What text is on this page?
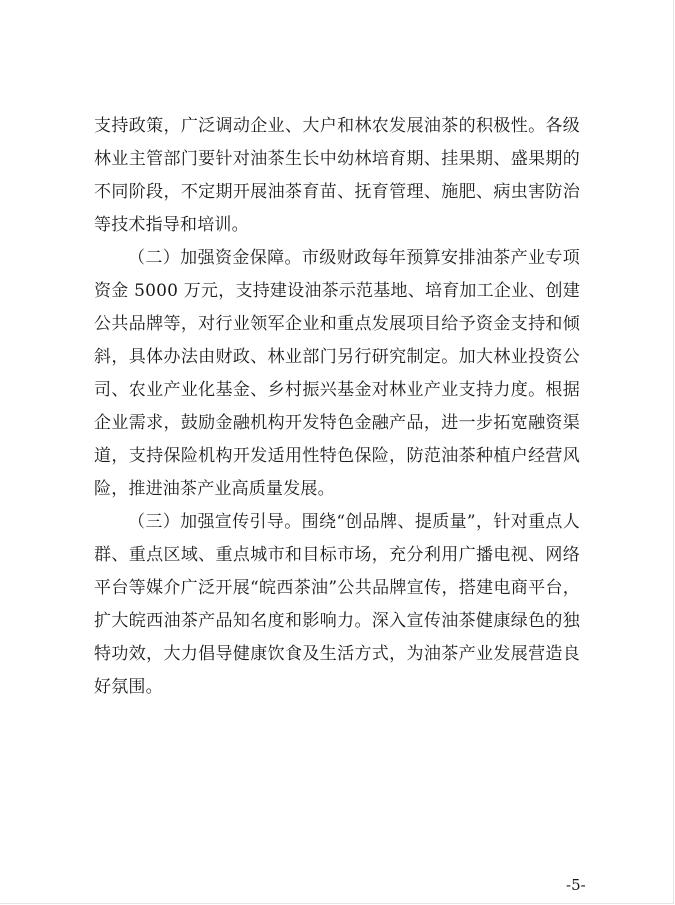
支持政策，广泛调动企业、大户和林农发展油茶的积极性。各级
林业主管部门要针对油茶生长中幼林培育期、挂果期、盛果期的
不同阶段，不定期开展油茶育苗、抚育管理、施肥、病虫害防治
等技术指导和培训。
（二）加强资金保障。市级财政每年预算安排油茶产业专项
资金 5000 万元，支持建设油茶示范基地、培育加工企业、创建
公共品牌等，对行业领军企业和重点发展项目给予资金支持和倾
斜，具体办法由财政、林业部门另行研究制定。加大林业投资公
司、农业产业化基金、乡村振兴基金对林业产业支持力度。根据
企业需求，鼓励金融机构开发特色金融产品，进一步拓宽融资渠
道，支持保险机构开发适用性特色保险，防范油茶种植户经营风
险，推进油茶产业高质量发展。
（三）加强宣传引导。围绕“创品牌、提质量”，针对重点人
群、重点区域、重点城市和目标市场，充分利用广播电视、网络
平台等媒介广泛开展“皖西茶油”公共品牌宣传，搭建电商平台，
扩大皖西油茶产品知名度和影响力。深入宣传油茶健康绿色的独
特功效，大力倡导健康饮食及生活方式，为油茶产业发展营造良
好氛围。
-5-
